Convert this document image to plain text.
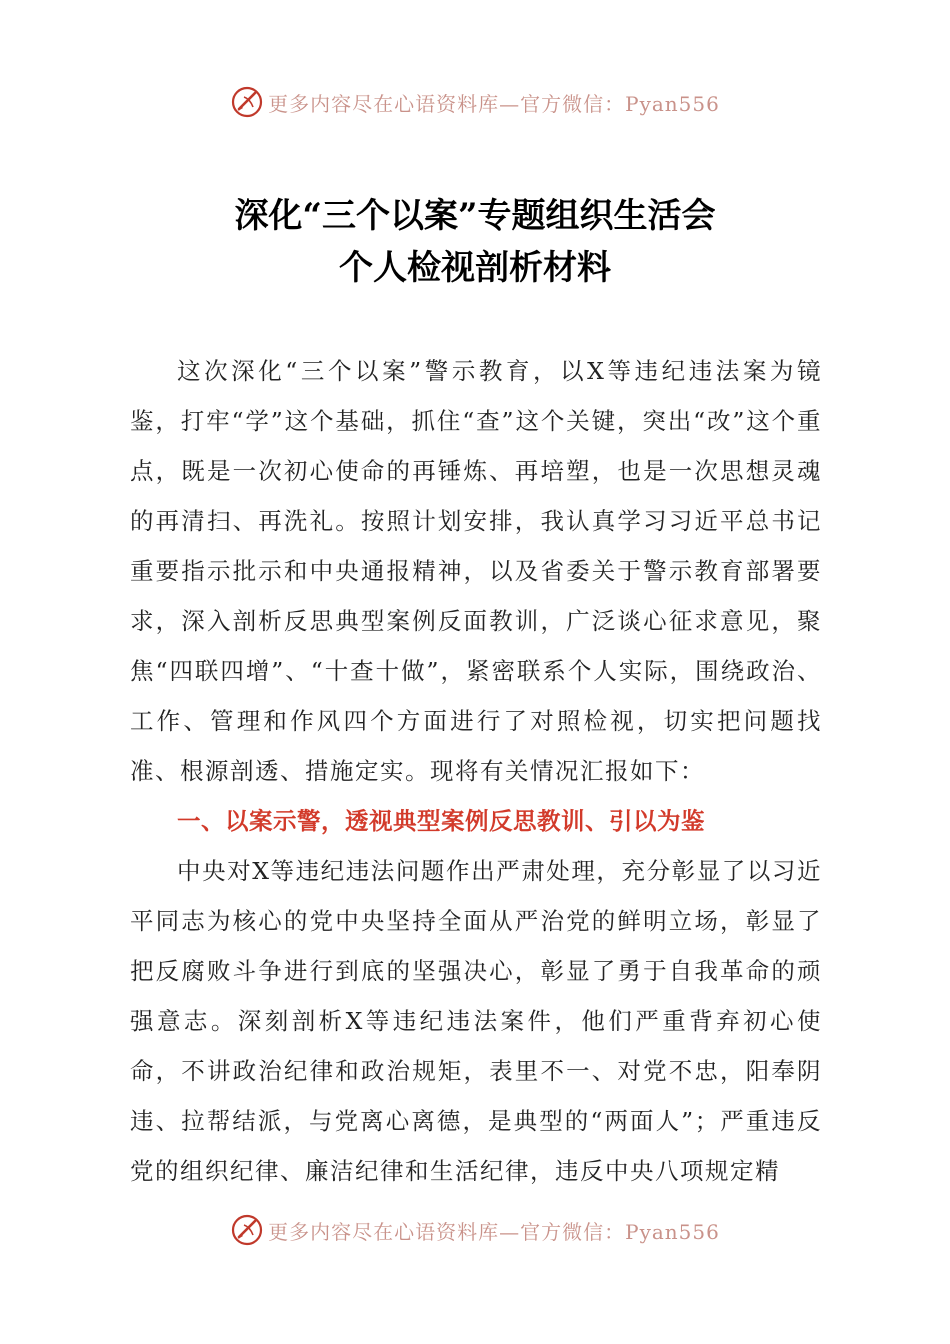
更多内容尽在心语资料库—官方微信：Pyan556
深化“三个以案”专题组织生活会
个人检视剖析材料

这次深化“三个以案”警示教育，以X等违纪违法案为镜鉴，打牢“学”这个基础，抓住“查”这个关键，突出“改”这个重点，既是一次初心使命的再锤炼、再培塑，也是一次思想灵魂的再清扫、再洗礼。按照计划安排，我认真学习习近平总书记重要指示批示和中央通报精神，以及省委关于警示教育部署要求，深入剖析反思典型案例反面教训，广泛谈心征求意见，聚焦“四联四增”、“十查十做”，紧密联系个人实际，围绕政治、工作、管理和作风四个方面进行了对照检视，切实把问题找准、根源剖透、措施定实。现将有关情况汇报如下：

一、以案示警，透视典型案例反思教训、引以为鉴

中央对X等违纪违法问题作出严肃处理，充分彰显了以习近平同志为核心的党中央坚持全面从严治党的鲜明立场，彰显了把反腐败斗争进行到底的坚强决心，彰显了勇于自我革命的顽强意志。深刻剖析X等违纪违法案件，他们严重背弃初心使命，不讲政治纪律和政治规矩，表里不一、对党不忠，阳奉阴违、拉帮结派，与党离心离德，是典型的“两面人”；严重违反党的组织纪律、廉洁纪律和生活纪律，违反中央八项规定精

更多内容尽在心语资料库—官方微信：Pyan556
